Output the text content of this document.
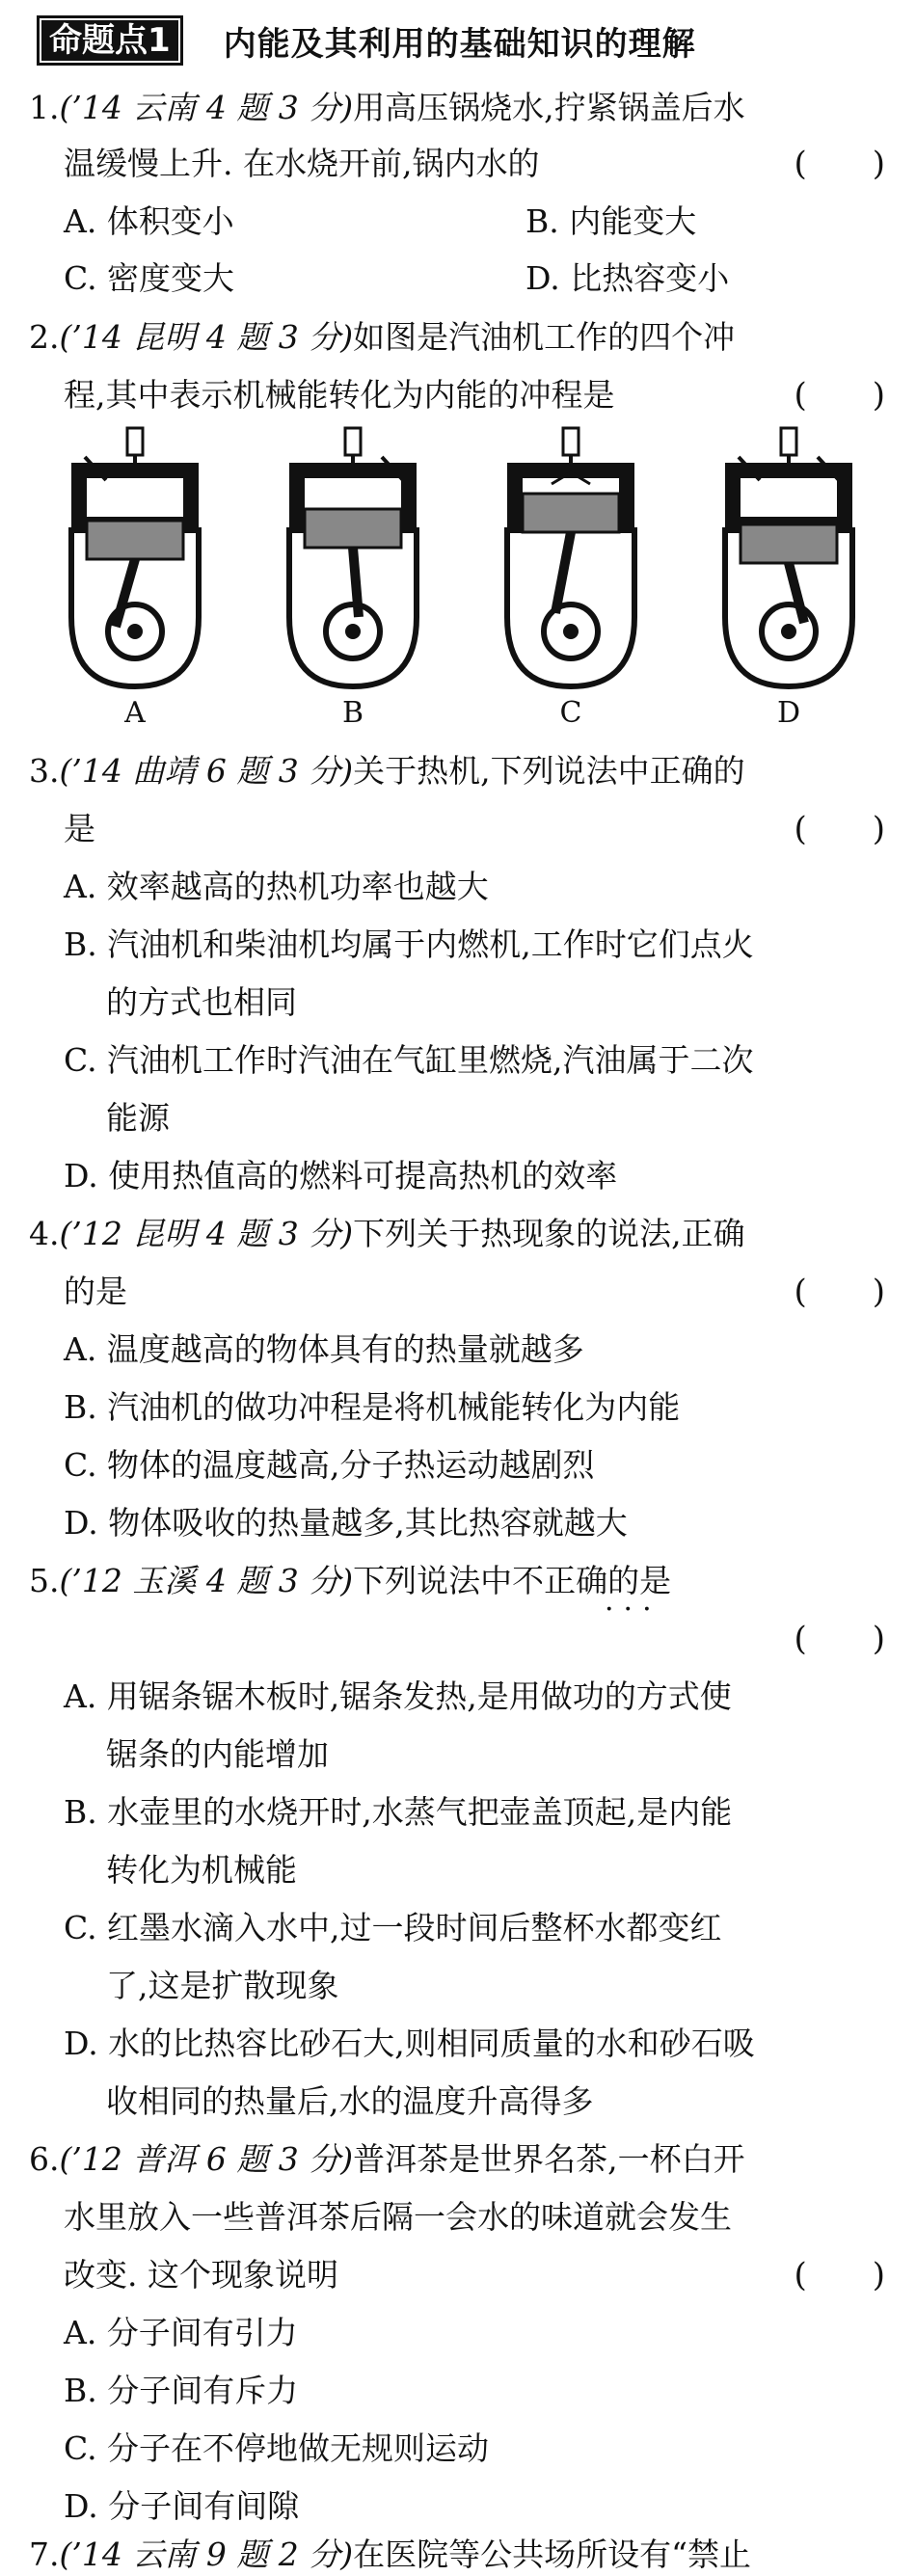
命题点1	内能及其利用的基础知识的理解
1.(’14 云南 4 题 3 分)用高压锅烧水,拧紧锅盖后水
温缓慢上升. 在水烧开前,锅内水的	(　　)
A. 体积变小	B. 内能变大
C. 密度变大	D. 比热容变小
2.(’14 昆明 4 题 3 分)如图是汽油机工作的四个冲
程,其中表示机械能转化为内能的冲程是	(　　)
A	B	C	D
3.(’14 曲靖 6 题 3 分)关于热机,下列说法中正确的
是	(　　)
A. 效率越高的热机功率也越大
B. 汽油机和柴油机均属于内燃机,工作时它们点火
的方式也相同
C. 汽油机工作时汽油在气缸里燃烧,汽油属于二次
能源
D. 使用热值高的燃料可提高热机的效率
4.(’12 昆明 4 题 3 分)下列关于热现象的说法,正确
的是	(　　)
A. 温度越高的物体具有的热量就越多
B. 汽油机的做功冲程是将机械能转化为内能
C. 物体的温度越高,分子热运动越剧烈
D. 物体吸收的热量越多,其比热容就越大
5.(’12 玉溪 4 题 3 分)下列说法中不正确的是
···
(　　)
A. 用锯条锯木板时,锯条发热,是用做功的方式使
锯条的内能增加
B. 水壶里的水烧开时,水蒸气把壶盖顶起,是内能
转化为机械能
C. 红墨水滴入水中,过一段时间后整杯水都变红
了,这是扩散现象
D. 水的比热容比砂石大,则相同质量的水和砂石吸
收相同的热量后,水的温度升高得多
6.(’12 普洱 6 题 3 分)普洱茶是世界名茶,一杯白开
水里放入一些普洱茶后隔一会水的味道就会发生
改变. 这个现象说明	(　　)
A. 分子间有引力
B. 分子间有斥力
C. 分子在不停地做无规则运动
D. 分子间有间隙
7.(’14 云南 9 题 2 分)在医院等公共场所设有“禁止
